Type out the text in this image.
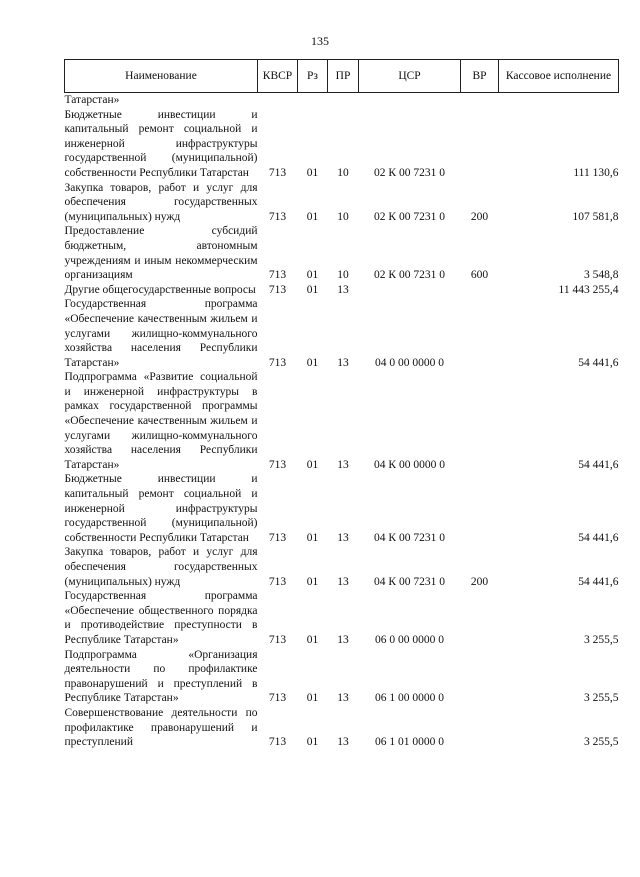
135
Наименование	КВСР	Рз	ПР	ЦСР	ВР	Кассовое исполнение
Татарстан»						
Бюджетные инвестиции и капитальный ремонт социальной и инженерной инфраструктуры государственной (муниципальной) собственности Республики Татарстан	713	01	10	02 К 00 7231 0		111 130,6
Закупка товаров, работ и услуг для обеспечения государственных (муниципальных) нужд	713	01	10	02 К 00 7231 0	200	107 581,8
Предоставление субсидий бюджетным, автономным учреждениям и иным некоммерческим организациям	713	01	10	02 К 00 7231 0	600	3 548,8
Другие общегосударственные вопросы	713	01	13			11 443 255,4
Государственная программа «Обеспечение качественным жильем и услугами жилищно-коммунального хозяйства населения Республики Татарстан»	713	01	13	04 0 00 0000 0		54 441,6
Подпрограмма «Развитие социальной и инженерной инфраструктуры в рамках государственной программы «Обеспечение качественным жильем и услугами жилищно-коммунального хозяйства населения Республики Татарстан»	713	01	13	04 К 00 0000 0		54 441,6
Бюджетные инвестиции и капитальный ремонт социальной и инженерной инфраструктуры государственной (муниципальной) собственности Республики Татарстан	713	01	13	04 К 00 7231 0		54 441,6
Закупка товаров, работ и услуг для обеспечения государственных (муниципальных) нужд	713	01	13	04 К 00 7231 0	200	54 441,6
Государственная программа «Обеспечение общественного порядка и противодействие преступности в Республике Татарстан»	713	01	13	06 0 00 0000 0		3 255,5
Подпрограмма «Организация деятельности по профилактике правонарушений и преступлений в Республике Татарстан»	713	01	13	06 1 00 0000 0		3 255,5
Совершенствование деятельности по профилактике правонарушений и преступлений	713	01	13	06 1 01 0000 0		3 255,5
